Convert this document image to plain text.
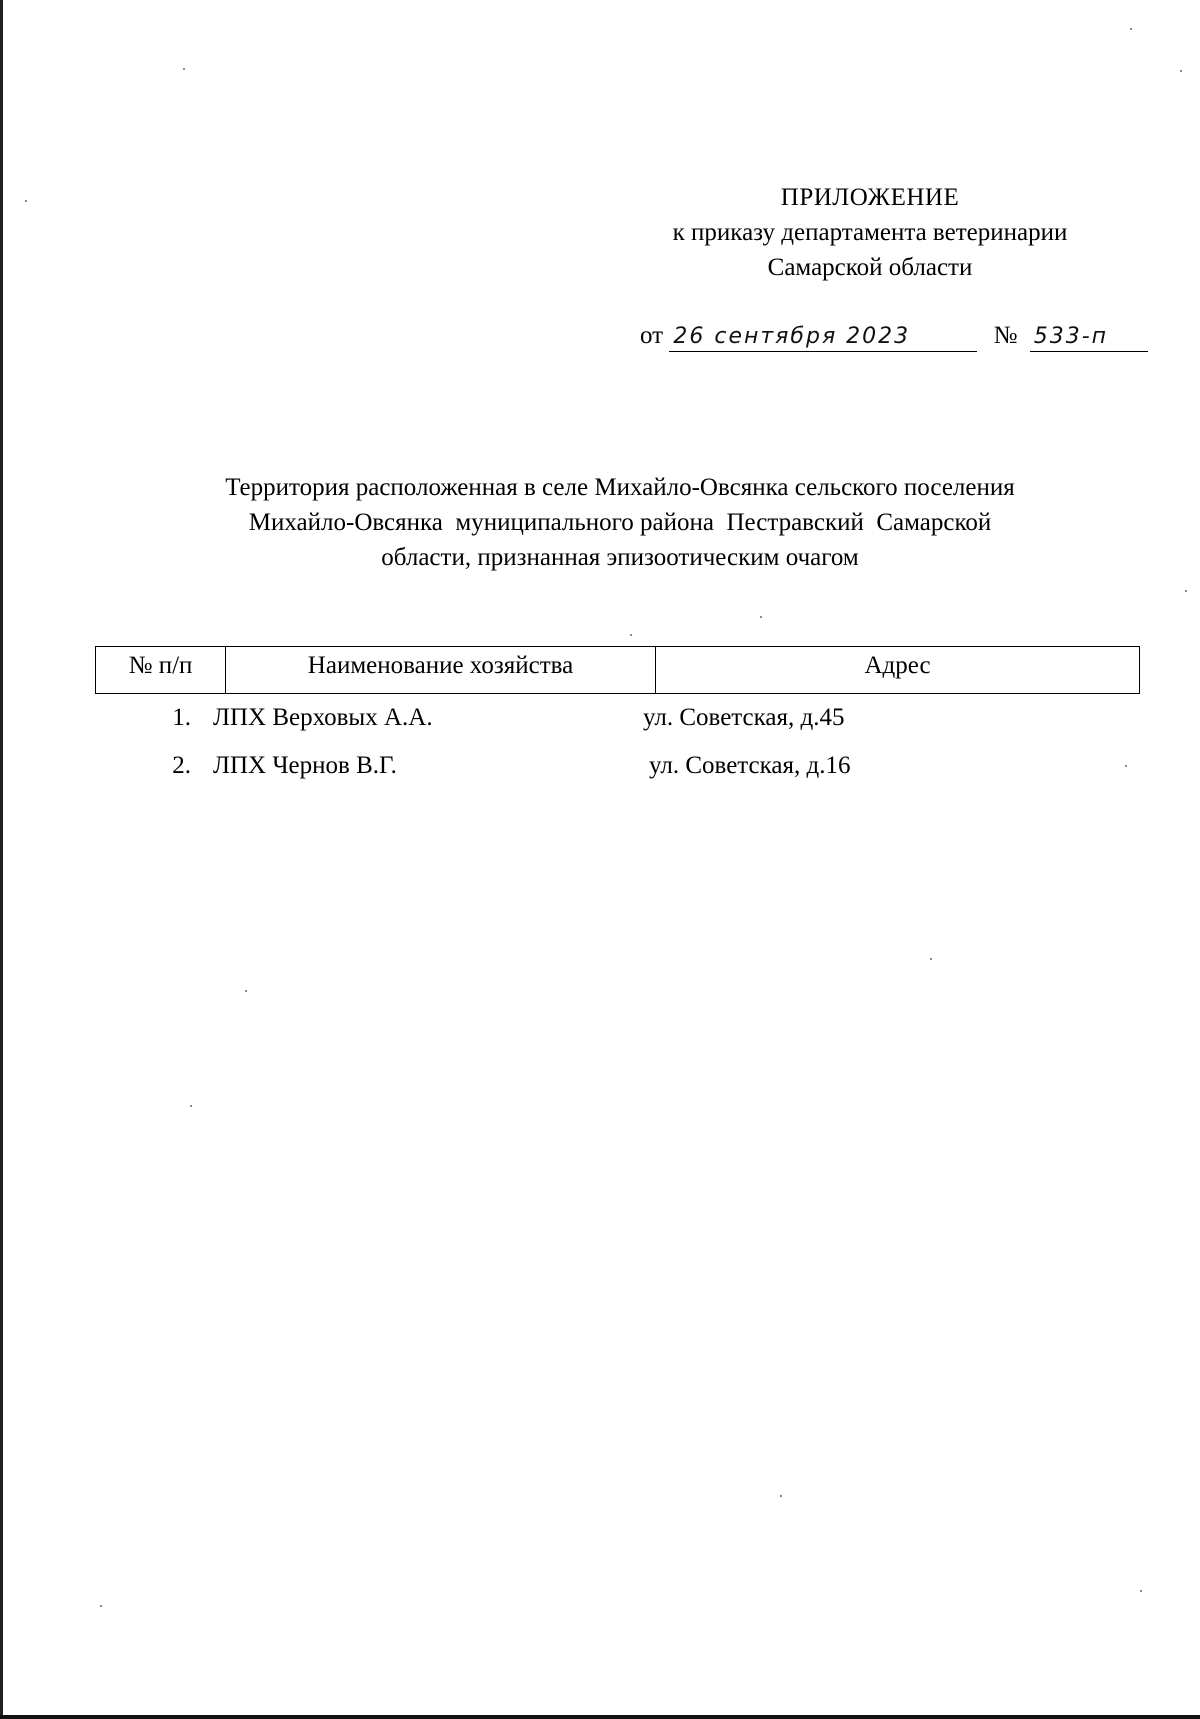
ПРИЛОЖЕНИЕ
к приказу департамента ветеринарии
Самарской области
от 26 сентября 2023	№ 533-п
Территория расположенная в селе Михайло-Овсянка сельского поселения
Михайло-Овсянка  муниципального района  Пестравский  Самарской
области, признанная эпизоотическим очагом
№ п/п	Наименование хозяйства	Адрес
1. ЛПХ Верховых А.А.	ул. Советская, д.45
2. ЛПХ Чернов В.Г.	ул. Советская, д.16
